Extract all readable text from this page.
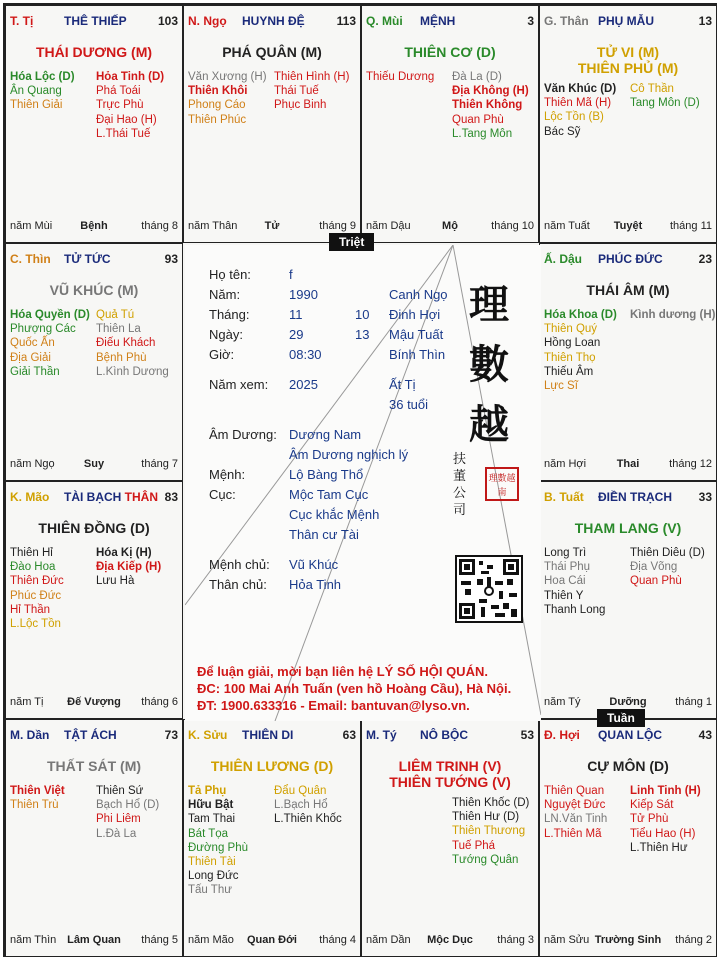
T. Tị	THÊ THIẾP	103
THÁI DƯƠNG (M)
Hóa Lộc (D)
Ân Quang
Thiên Giải
Hỏa Tinh (D)
Phá Toái
Trực Phù
Đại Hao (H)
L.Thái Tuế
năm Mùi	Bệnh	tháng 8
N. Ngọ HUYNH ĐỆ	113
PHÁ QUÂN (M)
Văn Xương (H)
Thiên Khôi
Phong Cáo
Thiên Phúc
Thiên Hình (H)
Thái Tuế
Phục Binh
năm Thân	Tử	tháng 9
Q. Mùi MỆNH	3
THIÊN CƠ (D)
Thiếu Dương	Đà La (D)
Địa Không (H)
Thiên Không
Quan Phù
L.Tang Môn
năm Dậu	Mộ	tháng 10
G. Thân PHỤ MẪU	13
TỬ VI (M)
THIÊN PHỦ (M)
Văn Khúc (D)
Thiên Mã (H)
Lộc Tồn (B)
Bác Sỹ
Cô Thần
Tang Môn (D)
năm Tuất	Tuyệt	tháng 11
C. Thìn TỬ TỨC	93
VŨ KHÚC (M)
Hóa Quyền (D)
Phượng Các
Quốc Ấn
Địa Giải
Giải Thần
Quả Tú
Thiên La
Điếu Khách
Bệnh Phù
L.Kình Dương
năm Ngọ	Suy	tháng 7
Ấ. Dậu PHÚC ĐỨC	23
THÁI ÂM (M)
Hóa Khoa (D)
Thiên Quý
Hồng Loan
Thiên Thọ
Thiếu Âm
Lực Sĩ
Kình dương (H)
năm Hợi	Thai	tháng 12
K. Mão TÀI BẠCH THÂN 83
THIÊN ĐỒNG (D)
Thiên Hỉ
Đào Hoa
Thiên Đức
Phúc Đức
Hỉ Thần
L.Lộc Tồn
Hóa Kị (H)
Địa Kiếp (H)
Lưu Hà
năm Tị	Đế Vượng	tháng 6
B. Tuất ĐIỀN TRẠCH 33
THAM LANG (V)
Long Trì
Thái Phụ
Hoa Cái
Thiên Y
Thanh Long
Thiên Diêu (D)
Địa Võng
Quan Phù
năm Tý	Dưỡng	tháng 1
M. Dần TẬT ÁCH	73
THẤT SÁT (M)
Thiên Việt
Thiên Trù
Thiên Sứ
Bạch Hổ (D)
Phi Liêm
L.Đà La
năm Thìn Lâm Quan	tháng 5
K. Sửu THIÊN DI	63
THIÊN LƯƠNG (D)
Tả Phụ
Hữu Bật
Tam Thai
Bát Tọa
Đường Phù
Thiên Tài
Long Đức
Tấu Thư
Đẩu Quân
L.Bạch Hổ
L.Thiên Khốc
năm Mão	Quan Đới	tháng 4
M. Tý NÔ BỘC	53
LIÊM TRINH (V)
THIÊN TƯỚNG (V)
Thiên Khốc (D)
Thiên Hư (D)
Thiên Thương
Tuế Phá
Tướng Quân
năm Dần	Mộc Dục	tháng 3
Đ. Hợi QUAN LỘC	43
CỰ MÔN (D)
Thiên Quan
Nguyệt Đức
LN.Văn Tinh
L.Thiên Mã
Linh Tinh (H)
Kiếp Sát
Tử Phù
Tiểu Hao (H)
L.Thiên Hư
năm Sửu Trường Sinh	tháng 2
Họ tên:	f
Năm:	1990	Canh Ngọ
Tháng:	11	10 Đinh Hợi
Ngày:	29	13 Mậu Tuất
Giờ:	08:30	Bính Thìn
Năm xem: 2025	Ất Tị
36 tuổi
Âm Dương: Dương Nam
Âm Dương nghịch lý
Mệnh:	Lộ Bàng Thổ
Cục:	Mộc Tam Cục
Cục khắc Mệnh
Thân cư Tài
Mệnh chủ: Vũ Khúc
Thân chủ: Hỏa Tinh
理
數
越
扶
董
公
司
理數越南
Để luận giải, mời bạn liên hệ LÝ SỐ HỘI QUÁN.
ĐC: 100 Mai Anh Tuấn (ven hồ Hoàng Cầu), Hà Nội.
ĐT: 1900.633316 - Email: bantuvan@lyso.vn.
Triệt
Tuần
